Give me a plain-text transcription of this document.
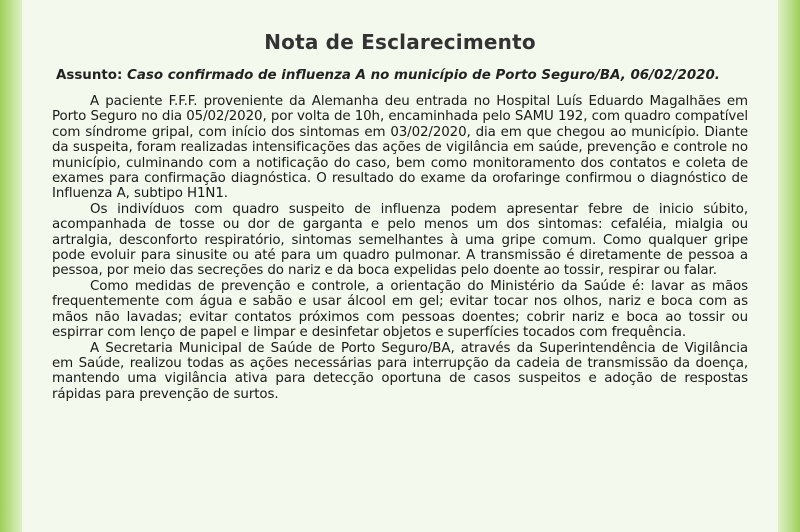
Nota de Esclarecimento
Assunto: Caso confirmado de influenza A no município de Porto Seguro/BA, 06/02/2020.

A paciente F.F.F. proveniente da Alemanha deu entrada no Hospital Luís Eduardo Magalhães em Porto Seguro no dia 05/02/2020, por volta de 10h, encaminhada pelo SAMU 192, com quadro compatível com síndrome gripal, com início dos sintomas em 03/02/2020, dia em que chegou ao município. Diante da suspeita, foram realizadas intensificações das ações de vigilância em saúde, prevenção e controle no município, culminando com a notificação do caso, bem como monitoramento dos contatos e coleta de exames para confirmação diagnóstica. O resultado do exame da orofaringe confirmou o diagnóstico de Influenza A, subtipo H1N1.

Os indivíduos com quadro suspeito de influenza podem apresentar febre de inicio súbito, acompanhada de tosse ou dor de garganta e pelo menos um dos sintomas: cefaléia, mialgia ou artralgia, desconforto respiratório, sintomas semelhantes à uma gripe comum. Como qualquer gripe pode evoluir para sinusite ou até para um quadro pulmonar. A transmissão é diretamente de pessoa a pessoa, por meio das secreções do nariz e da boca expelidas pelo doente ao tossir, respirar ou falar.

Como medidas de prevenção e controle, a orientação do Ministério da Saúde é: lavar as mãos frequentemente com água e sabão e usar álcool em gel; evitar tocar nos olhos, nariz e boca com as mãos não lavadas; evitar contatos próximos com pessoas doentes; cobrir nariz e boca ao tossir ou espirrar com lenço de papel e limpar e desinfetar objetos e superfícies tocados com frequência.

A Secretaria Municipal de Saúde de Porto Seguro/BA, através da Superintendência de Vigilância em Saúde, realizou todas as ações necessárias para interrupção da cadeia de transmissão da doença, mantendo uma vigilância ativa para detecção oportuna de casos suspeitos e adoção de respostas rápidas para prevenção de surtos.
